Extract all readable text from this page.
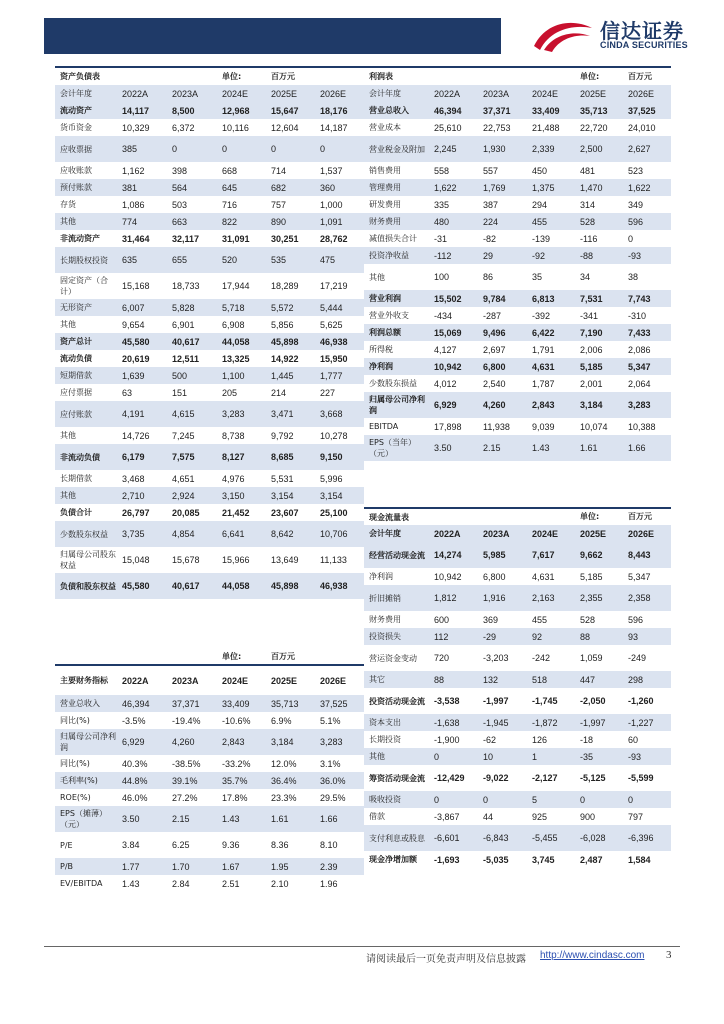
信达证券
CINDA SECURITIES
资产负债表			单位:	百万元	
会计年度	2022A	2023A	2024E	2025E	2026E
流动资产	14,117	8,500	12,968	15,647	18,176
货币资金	10,329	6,372	10,116	12,604	14,187
应收票据	385	0	0	0	0
应收账款	1,162	398	668	714	1,537
预付账款	381	564	645	682	360
存货	1,086	503	716	757	1,000
其他	774	663	822	890	1,091
非流动资产	31,464	32,117	31,091	30,251	28,762
长期股权投资	635	655	520	535	475
固定资产（合计）	15,168	18,733	17,944	18,289	17,219
无形资产	6,007	5,828	5,718	5,572	5,444
其他	9,654	6,901	6,908	5,856	5,625
资产总计	45,580	40,617	44,058	45,898	46,938
流动负债	20,619	12,511	13,325	14,922	15,950
短期借款	1,639	500	1,100	1,445	1,777
应付票据	63	151	205	214	227
应付账款	4,191	4,615	3,283	3,471	3,668
其他	14,726	7,245	8,738	9,792	10,278
非流动负债	6,179	7,575	8,127	8,685	9,150
长期借款	3,468	4,651	4,976	5,531	5,996
其他	2,710	2,924	3,150	3,154	3,154
负债合计	26,797	20,085	21,452	23,607	25,100
少数股东权益	3,735	4,854	6,641	8,642	10,706
归属母公司股东权益	15,048	15,678	15,966	13,649	11,133
负债和股东权益	45,580	40,617	44,058	45,898	46,938
			单位:	百万元	
主要财务指标	2022A	2023A	2024E	2025E	2026E
营业总收入	46,394	37,371	33,409	35,713	37,525
同比(%)	-3.5%	-19.4%	-10.6%	6.9%	5.1%
归属母公司净利润	6,929	4,260	2,843	3,184	3,283
同比(%)	40.3%	-38.5%	-33.2%	12.0%	3.1%
毛利率(%)	44.8%	39.1%	35.7%	36.4%	36.0%
ROE(%)	46.0%	27.2%	17.8%	23.3%	29.5%
EPS（摊薄）（元）	3.50	2.15	1.43	1.61	1.66
P/E	3.84	6.25	9.36	8.36	8.10
P/B	1.77	1.70	1.67	1.95	2.39
EV/EBITDA	1.43	2.84	2.51	2.10	1.96
利润表				单位:	百万元
会计年度	2022A	2023A	2024E	2025E	2026E
营业总收入	46,394	37,371	33,409	35,713	37,525
营业成本	25,610	22,753	21,488	22,720	24,010
营业税金及附加	2,245	1,930	2,339	2,500	2,627
销售费用	558	557	450	481	523
管理费用	1,622	1,769	1,375	1,470	1,622
研发费用	335	387	294	314	349
财务费用	480	224	455	528	596
减值损失合计	-31	-82	-139	-116	0
投资净收益	-112	29	-92	-88	-93
其他	100	86	35	34	38
营业利润	15,502	9,784	6,813	7,531	7,743
营业外收支	-434	-287	-392	-341	-310
利润总额	15,069	9,496	6,422	7,190	7,433
所得税	4,127	2,697	1,791	2,006	2,086
净利润	10,942	6,800	4,631	5,185	5,347
少数股东损益	4,012	2,540	1,787	2,001	2,064
归属母公司净利润	6,929	4,260	2,843	3,184	3,283
EBITDA	17,898	11,938	9,039	10,074	10,388
EPS（当年）（元）	3.50	2.15	1.43	1.61	1.66
现金流量表				单位:	百万元
会计年度	2022A	2023A	2024E	2025E	2026E
经营活动现金流	14,274	5,985	7,617	9,662	8,443
净利润	10,942	6,800	4,631	5,185	5,347
折旧摊销	1,812	1,916	2,163	2,355	2,358
财务费用	600	369	455	528	596
投资损失	112	-29	92	88	93
营运资金变动	720	-3,203	-242	1,059	-249
其它	88	132	518	447	298
投资活动现金流	-3,538	-1,997	-1,745	-2,050	-1,260
资本支出	-1,638	-1,945	-1,872	-1,997	-1,227
长期投资	-1,900	-62	126	-18	60
其他	0	10	1	-35	-93
筹资活动现金流	-12,429	-9,022	-2,127	-5,125	-5,599
吸收投资	0	0	5	0	0
借款	-3,867	44	925	900	797
支付利息或股息	-6,601	-6,843	-5,455	-6,028	-6,396
现金净增加额	-1,693	-5,035	3,745	2,487	1,584
请阅读最后一页免责声明及信息披露 http://www.cindasc.com 3
